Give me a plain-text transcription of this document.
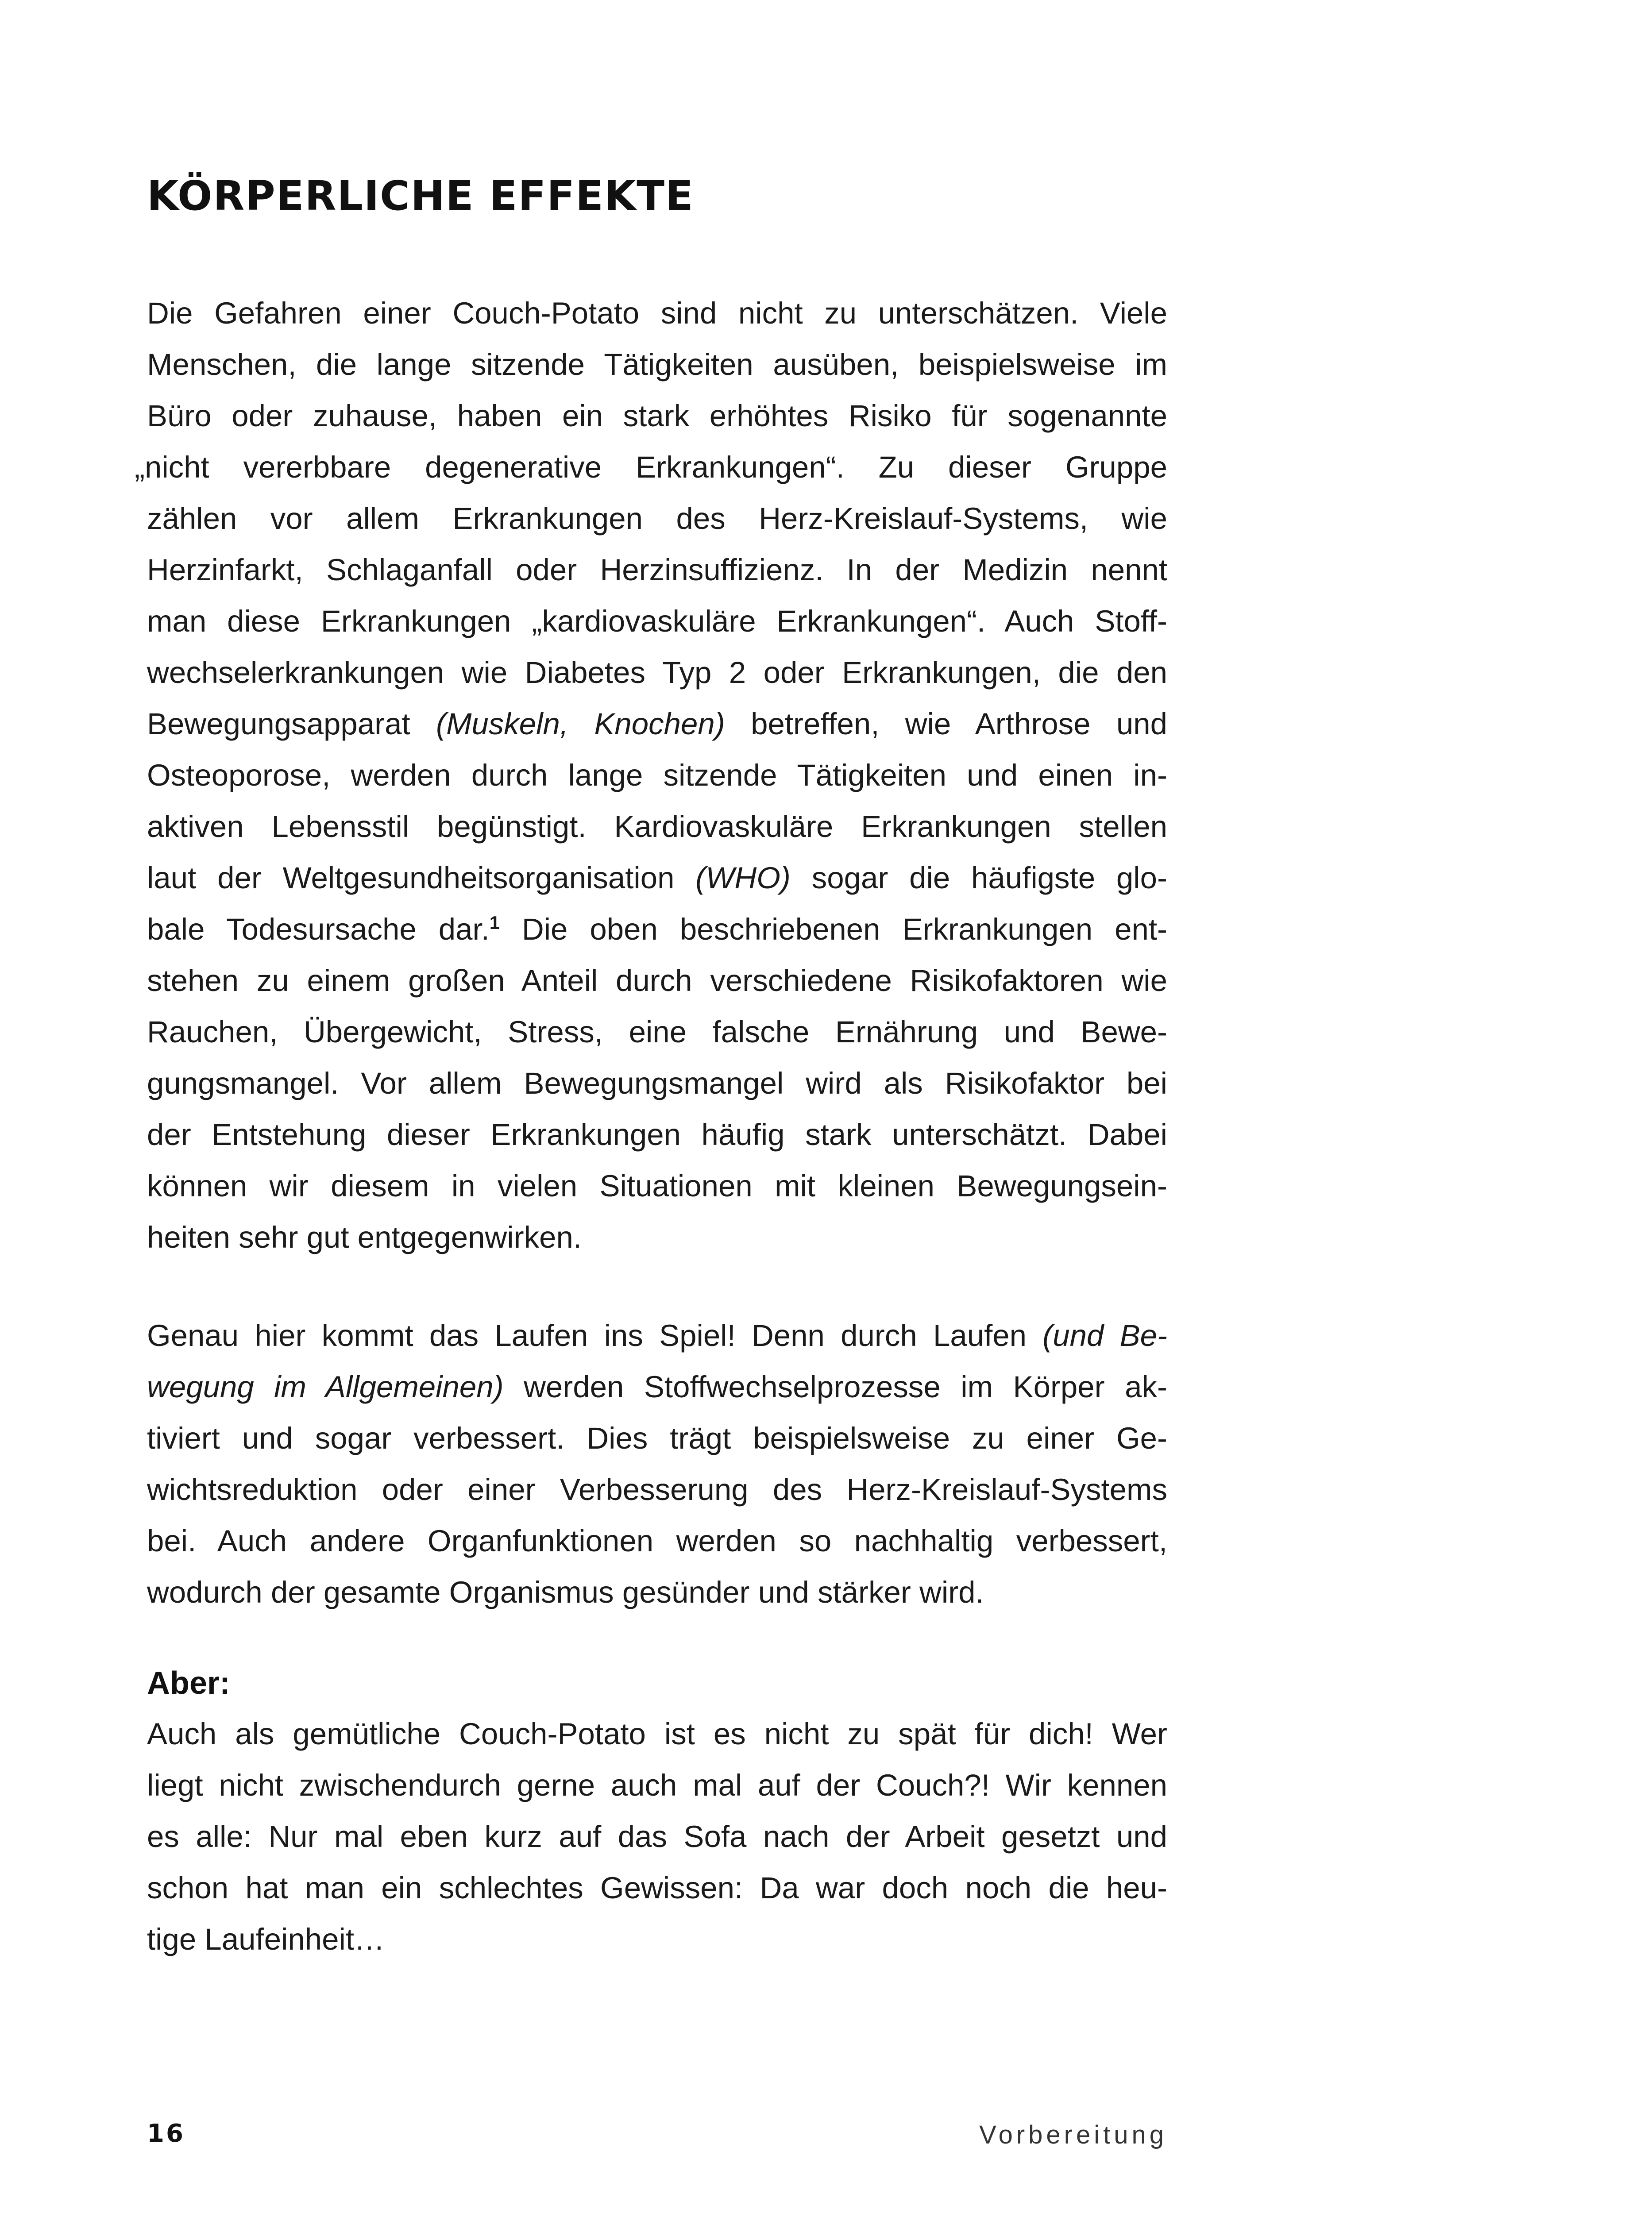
KÖRPERLICHE EFFEKTE
Die Gefahren einer Couch-Potato sind nicht zu unterschätzen. Viele
Menschen, die lange sitzende Tätigkeiten ausüben, beispielsweise im
Büro oder zuhause, haben ein stark erhöhtes Risiko für sogenannte
„nicht vererbbare degenerative Erkrankungen“. Zu dieser Gruppe
zählen vor allem Erkrankungen des Herz-Kreislauf-Systems, wie
Herzinfarkt, Schlaganfall oder Herzinsuffizienz. In der Medizin nennt
man diese Erkrankungen „kardiovaskuläre Erkrankungen“. Auch Stoff-
wechselerkrankungen wie Diabetes Typ 2 oder Erkrankungen, die den
Bewegungsapparat (Muskeln, Knochen) betreffen, wie Arthrose und
Osteoporose, werden durch lange sitzende Tätigkeiten und einen in-
aktiven Lebensstil begünstigt. Kardiovaskuläre Erkrankungen stellen
laut der Weltgesundheitsorganisation (WHO) sogar die häufigste glo-
bale Todesursache dar.$^1$ Die oben beschriebenen Erkrankungen ent-
stehen zu einem großen Anteil durch verschiedene Risikofaktoren wie
Rauchen, Übergewicht, Stress, eine falsche Ernährung und Bewe-
gungsmangel. Vor allem Bewegungsmangel wird als Risikofaktor bei
der Entstehung dieser Erkrankungen häufig stark unterschätzt. Dabei
können wir diesem in vielen Situationen mit kleinen Bewegungsein-
heiten sehr gut entgegenwirken.
Genau hier kommt das Laufen ins Spiel! Denn durch Laufen (und Be-
wegung im Allgemeinen) werden Stoffwechselprozesse im Körper ak-
tiviert und sogar verbessert. Dies trägt beispielsweise zu einer Ge-
wichtsreduktion oder einer Verbesserung des Herz-Kreislauf-Systems
bei. Auch andere Organfunktionen werden so nachhaltig verbessert,
wodurch der gesamte Organismus gesünder und stärker wird.
Aber:
Auch als gemütliche Couch-Potato ist es nicht zu spät für dich! Wer
liegt nicht zwischendurch gerne auch mal auf der Couch?! Wir kennen
es alle: Nur mal eben kurz auf das Sofa nach der Arbeit gesetzt und
schon hat man ein schlechtes Gewissen: Da war doch noch die heu-
tige Laufeinheit…
16	Vorbereitung
